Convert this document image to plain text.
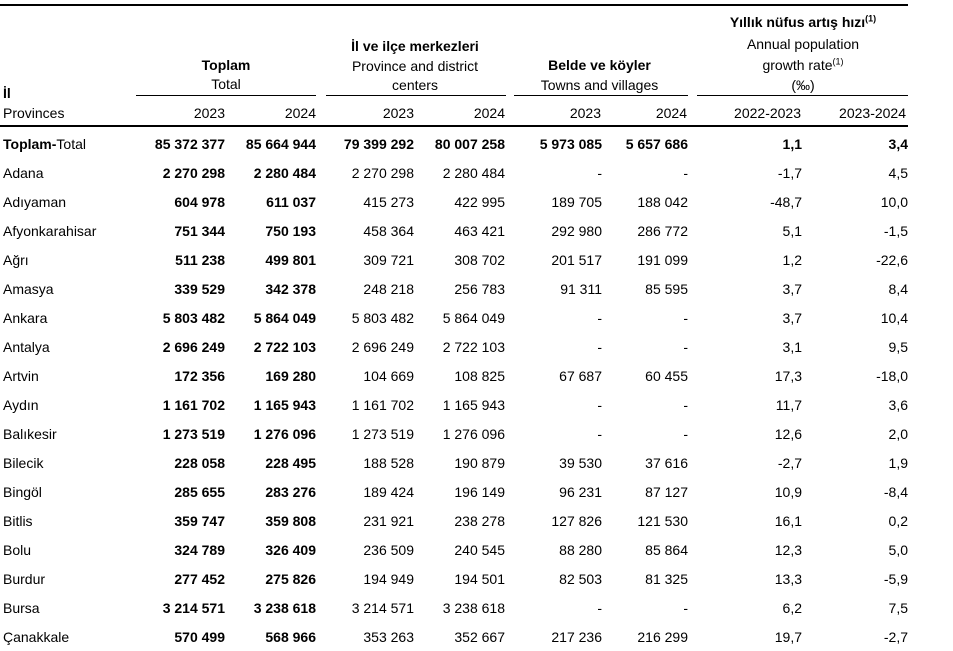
İl
Provinces
Toplam
Total
İl ve ilçe merkezleri
Province and district
centers
Belde ve köyler
Towns and villages
Yıllık nüfus artış hızı$^{(1)}$
Annual population
growth rate$^{(1)}$
(‰)
2023	2024	2023	2024	2023	2024	2022-2023	2023-2024
Toplam-Total	85 372 377	85 664 944		79 399 292	80 007 258		5 973 085	5 657 686		1,1	3,4
Adana	2 270 298	2 280 484		2 270 298	2 280 484		-	-		-1,7	4,5
Adıyaman	604 978	611 037		415 273	422 995		189 705	188 042		-48,7	10,0
Afyonkarahisar	751 344	750 193		458 364	463 421		292 980	286 772		5,1	-1,5
Ağrı	511 238	499 801		309 721	308 702		201 517	191 099		1,2	-22,6
Amasya	339 529	342 378		248 218	256 783		91 311	85 595		3,7	8,4
Ankara	5 803 482	5 864 049		5 803 482	5 864 049		-	-		3,7	10,4
Antalya	2 696 249	2 722 103		2 696 249	2 722 103		-	-		3,1	9,5
Artvin	172 356	169 280		104 669	108 825		67 687	60 455		17,3	-18,0
Aydın	1 161 702	1 165 943		1 161 702	1 165 943		-	-		11,7	3,6
Balıkesir	1 273 519	1 276 096		1 273 519	1 276 096		-	-		12,6	2,0
Bilecik	228 058	228 495		188 528	190 879		39 530	37 616		-2,7	1,9
Bingöl	285 655	283 276		189 424	196 149		96 231	87 127		10,9	-8,4
Bitlis	359 747	359 808		231 921	238 278		127 826	121 530		16,1	0,2
Bolu	324 789	326 409		236 509	240 545		88 280	85 864		12,3	5,0
Burdur	277 452	275 826		194 949	194 501		82 503	81 325		13,3	-5,9
Bursa	3 214 571	3 238 618		3 214 571	3 238 618		-	-		6,2	7,5
Çanakkale	570 499	568 966		353 263	352 667		217 236	216 299		19,7	-2,7
